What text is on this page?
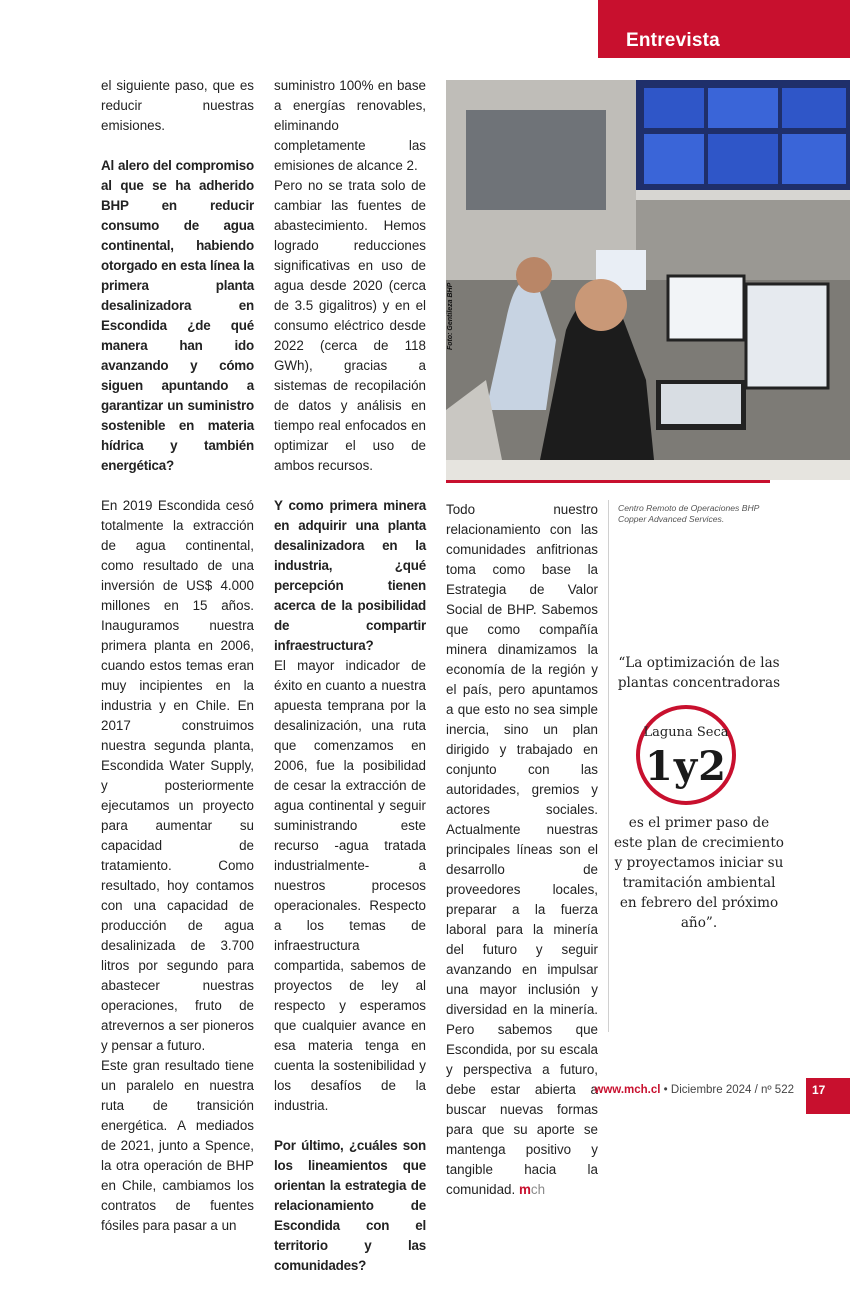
Entrevista

el siguiente paso, que es reducir nuestras emisiones.

Al alero del compromiso al que se ha adherido BHP en reducir consumo de agua continental, habiendo otorgado en esta línea la primera planta desalinizadora en Escondida ¿de qué manera han ido avanzando y cómo siguen apuntando a garantizar un suministro sostenible en materia hídrica y también energética?

En 2019 Escondida cesó totalmente la extracción de agua continental, como resultado de una inversión de US$ 4.000 millones en 15 años. Inauguramos nuestra primera planta en 2006, cuando estos temas eran muy incipientes en la industria y en Chile. En 2017 construimos nuestra segunda planta, Escondida Water Supply, y posteriormente ejecutamos un proyecto para aumentar su capacidad de tratamiento. Como resultado, hoy contamos con una capacidad de producción de agua desalinizada de 3.700 litros por segundo para abastecer nuestras operaciones, fruto de atrevernos a ser pioneros y pensar a futuro.

Este gran resultado tiene un paralelo en nuestra ruta de transición energética. A mediados de 2021, junto a Spence, la otra operación de BHP en Chile, cambiamos los contratos de fuentes fósiles para pasar a un

suministro 100% en base a energías renovables, eliminando completamente las emisiones de alcance 2.

Pero no se trata solo de cambiar las fuentes de abastecimiento. Hemos logrado reducciones significativas en uso de agua desde 2020 (cerca de 3.5 gigalitros) y en el consumo eléctrico desde 2022 (cerca de 118 GWh), gracias a sistemas de recopilación de datos y análisis en tiempo real enfocados en optimizar el uso de ambos recursos.

Y como primera minera en adquirir una planta desalinizadora en la industria, ¿qué percepción tienen acerca de la posibilidad de compartir infraestructura?

El mayor indicador de éxito en cuanto a nuestra apuesta temprana por la desalinización, una ruta que comenzamos en 2006, fue la posibilidad de cesar la extracción de agua continental y seguir suministrando este recurso -agua tratada industrialmente- a nuestros procesos operacionales. Respecto a los temas de infraestructura compartida, sabemos de proyectos de ley al respecto y esperamos que cualquier avance en esa materia tenga en cuenta la sostenibilidad y los desafíos de la industria.

Por último, ¿cuáles son los lineamientos que orientan la estrategia de relacionamiento de Escondida con el territorio y las comunidades?

Foto: Gentileza BHP
Centro Remoto de Operaciones BHP Copper Advanced Services.

Todo nuestro relacionamiento con las comunidades anfitrionas toma como base la Estrategia de Valor Social de BHP. Sabemos que como compañía minera dinamizamos la economía de la región y el país, pero apuntamos a que esto no sea simple inercia, sino un plan dirigido y trabajado en conjunto con las autoridades, gremios y actores sociales. Actualmente nuestras principales líneas son el desarrollo de proveedores locales, preparar a la fuerza laboral para la minería del futuro y seguir avanzando en impulsar una mayor inclusión y diversidad en la minería. Pero sabemos que Escondida, por su escala y perspectiva a futuro, debe estar abierta a buscar nuevas formas para que su aporte se mantenga positivo y tangible hacia la comunidad. mch

“La optimización de las plantas concentradoras
Laguna Seca
1y2
es el primer paso de este plan de crecimiento y proyectamos iniciar su tramitación ambiental en febrero del próximo año”.
www.mch.cl • Diciembre 2024 / nº 522 17
